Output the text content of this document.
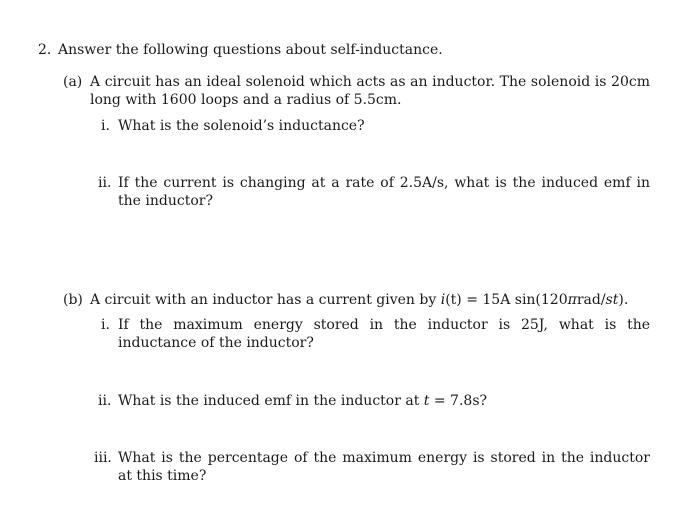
2. Answer the following questions about self-inductance.
(a) A circuit has an ideal solenoid which acts as an inductor. The solenoid is 20cm long with 1600 loops and a radius of 5.5cm.
i. What is the solenoid’s inductance?
ii. If the current is changing at a rate of 2.5A/s, what is the induced emf in the inductor?
(b) A circuit with an inductor has a current given by i(t) = 15A sin(120πrad/st).
i. If the maximum energy stored in the inductor is 25J, what is the inductance of the inductor?
ii. What is the induced emf in the inductor at t = 7.8s?
iii. What is the percentage of the maximum energy is stored in the inductor at this time?
